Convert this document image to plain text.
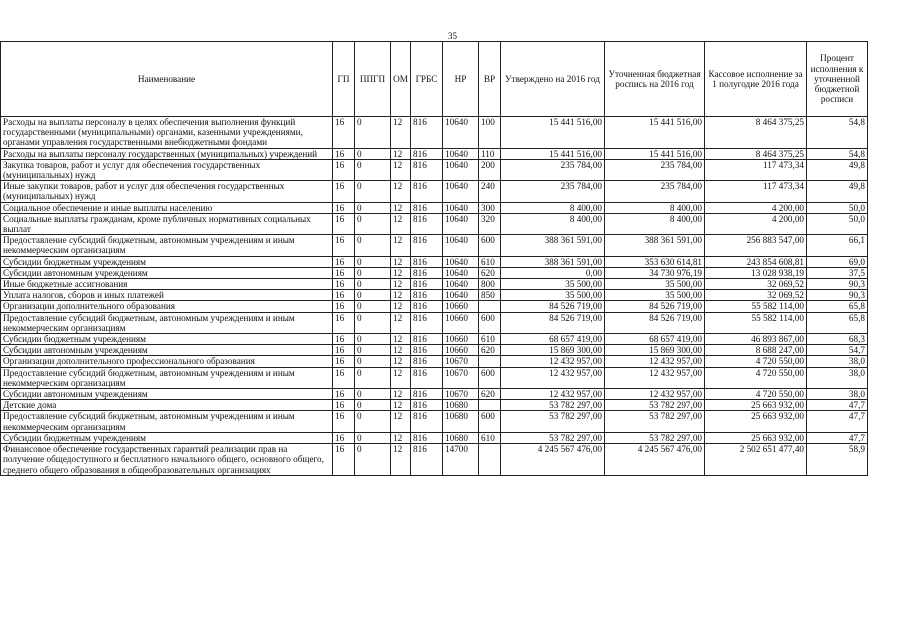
35
Наименование	ГП	ППГП	ОМ	ГРБС	НР	ВР	Утверждено на 2016 год	Уточненная бюджетная роспись на 2016 год	Кассовое исполнение за 1 полугодие 2016 года	Процент исполнения к уточненной бюджетной росписи
Расходы на выплаты персоналу в целях обеспечения выполнения функций государственными (муниципальными) органами, казенными учреждениями, органами управления государственными внебюджетными фондами	16	0	12	816	10640	100	15 441 516,00	15 441 516,00	8 464 375,25	54,8
Расходы на выплаты персоналу государственных (муниципальных) учреждений	16	0	12	816	10640	110	15 441 516,00	15 441 516,00	8 464 375,25	54,8
Закупка товаров, работ и услуг для обеспечения государственных (муниципальных) нужд	16	0	12	816	10640	200	235 784,00	235 784,00	117 473,34	49,8
Иные закупки товаров, работ и услуг для обеспечения государственных (муниципальных) нужд	16	0	12	816	10640	240	235 784,00	235 784,00	117 473,34	49,8
Социальное обеспечение и иные выплаты населению	16	0	12	816	10640	300	8 400,00	8 400,00	4 200,00	50,0
Социальные выплаты гражданам, кроме публичных нормативных социальных выплат	16	0	12	816	10640	320	8 400,00	8 400,00	4 200,00	50,0
Предоставление субсидий бюджетным, автономным учреждениям и иным некоммерческим организациям	16	0	12	816	10640	600	388 361 591,00	388 361 591,00	256 883 547,00	66,1
Субсидии бюджетным учреждениям	16	0	12	816	10640	610	388 361 591,00	353 630 614,81	243 854 608,81	69,0
Субсидии автономным учреждениям	16	0	12	816	10640	620	0,00	34 730 976,19	13 028 938,19	37,5
Иные бюджетные ассигнования	16	0	12	816	10640	800	35 500,00	35 500,00	32 069,52	90,3
Уплата налогов, сборов и иных платежей	16	0	12	816	10640	850	35 500,00	35 500,00	32 069,52	90,3
Организации дополнительного образования	16	0	12	816	10660		84 526 719,00	84 526 719,00	55 582 114,00	65,8
Предоставление субсидий бюджетным, автономным учреждениям и иным некоммерческим организациям	16	0	12	816	10660	600	84 526 719,00	84 526 719,00	55 582 114,00	65,8
Субсидии бюджетным учреждениям	16	0	12	816	10660	610	68 657 419,00	68 657 419,00	46 893 867,00	68,3
Субсидии автономным учреждениям	16	0	12	816	10660	620	15 869 300,00	15 869 300,00	8 688 247,00	54,7
Организации дополнительного профессионального образования	16	0	12	816	10670		12 432 957,00	12 432 957,00	4 720 550,00	38,0
Предоставление субсидий бюджетным, автономным учреждениям и иным некоммерческим организациям	16	0	12	816	10670	600	12 432 957,00	12 432 957,00	4 720 550,00	38,0
Субсидии автономным учреждениям	16	0	12	816	10670	620	12 432 957,00	12 432 957,00	4 720 550,00	38,0
Детские дома	16	0	12	816	10680		53 782 297,00	53 782 297,00	25 663 932,00	47,7
Предоставление субсидий бюджетным, автономным учреждениям и иным некоммерческим организациям	16	0	12	816	10680	600	53 782 297,00	53 782 297,00	25 663 932,00	47,7
Субсидии бюджетным учреждениям	16	0	12	816	10680	610	53 782 297,00	53 782 297,00	25 663 932,00	47,7
Финансовое обеспечение государственных гарантий реализации прав на получение общедоступного и бесплатного начального общего, основного общего, среднего общего образования в общеобразовательных организациях	16	0	12	816	14700		4 245 567 476,00	4 245 567 476,00	2 502 651 477,40	58,9
